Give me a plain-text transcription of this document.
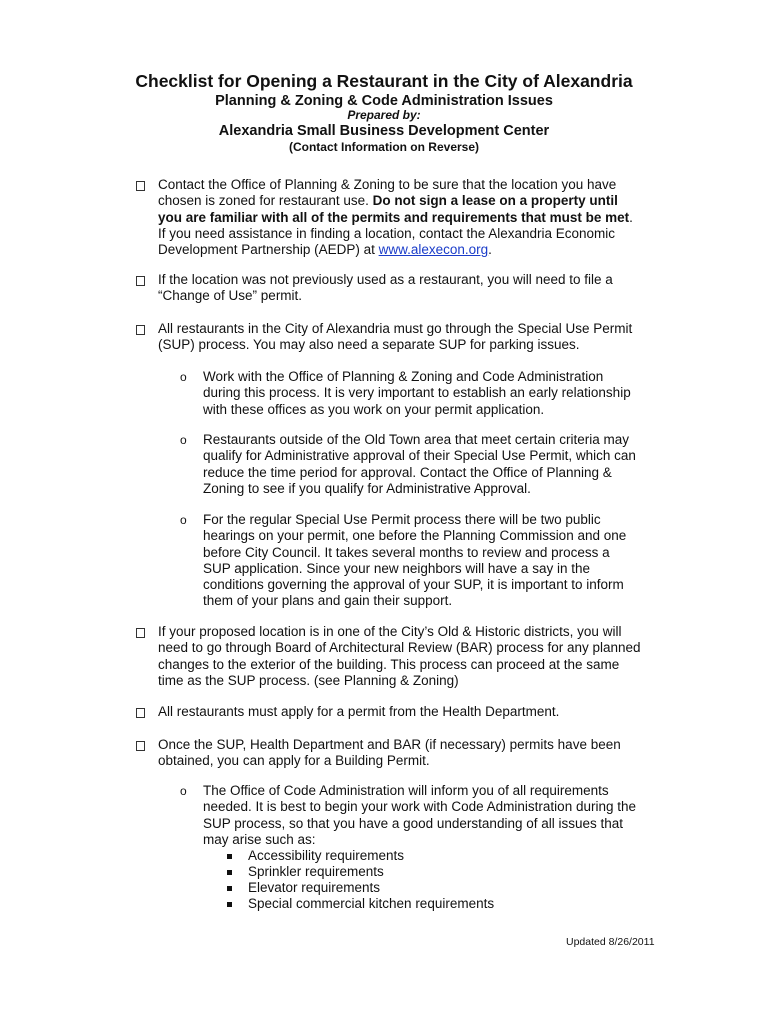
Checklist for Opening a Restaurant in the City of Alexandria
Planning & Zoning & Code Administration Issues
Prepared by:
Alexandria Small Business Development Center
(Contact Information on Reverse)
Contact the Office of Planning & Zoning to be sure that the location you have
chosen is zoned for restaurant use. Do not sign a lease on a property until
you are familiar with all of the permits and requirements that must be met.
If you need assistance in finding a location, contact the Alexandria Economic
Development Partnership (AEDP) at www.alexecon.org.
If the location was not previously used as a restaurant, you will need to file a
“Change of Use” permit.
All restaurants in the City of Alexandria must go through the Special Use Permit
(SUP) process. You may also need a separate SUP for parking issues.
o Work with the Office of Planning & Zoning and Code Administration
during this process. It is very important to establish an early relationship
with these offices as you work on your permit application.
o Restaurants outside of the Old Town area that meet certain criteria may
qualify for Administrative approval of their Special Use Permit, which can
reduce the time period for approval. Contact the Office of Planning &
Zoning to see if you qualify for Administrative Approval.
o For the regular Special Use Permit process there will be two public
hearings on your permit, one before the Planning Commission and one
before City Council. It takes several months to review and process a
SUP application. Since your new neighbors will have a say in the
conditions governing the approval of your SUP, it is important to inform
them of your plans and gain their support.
If your proposed location is in one of the City’s Old & Historic districts, you will
need to go through Board of Architectural Review (BAR) process for any planned
changes to the exterior of the building. This process can proceed at the same
time as the SUP process. (see Planning & Zoning)
All restaurants must apply for a permit from the Health Department.
Once the SUP, Health Department and BAR (if necessary) permits have been
obtained, you can apply for a Building Permit.
o The Office of Code Administration will inform you of all requirements
needed. It is best to begin your work with Code Administration during the
SUP process, so that you have a good understanding of all issues that
may arise such as:
Accessibility requirements
Sprinkler requirements
Elevator requirements
Special commercial kitchen requirements
Updated 8/26/2011
